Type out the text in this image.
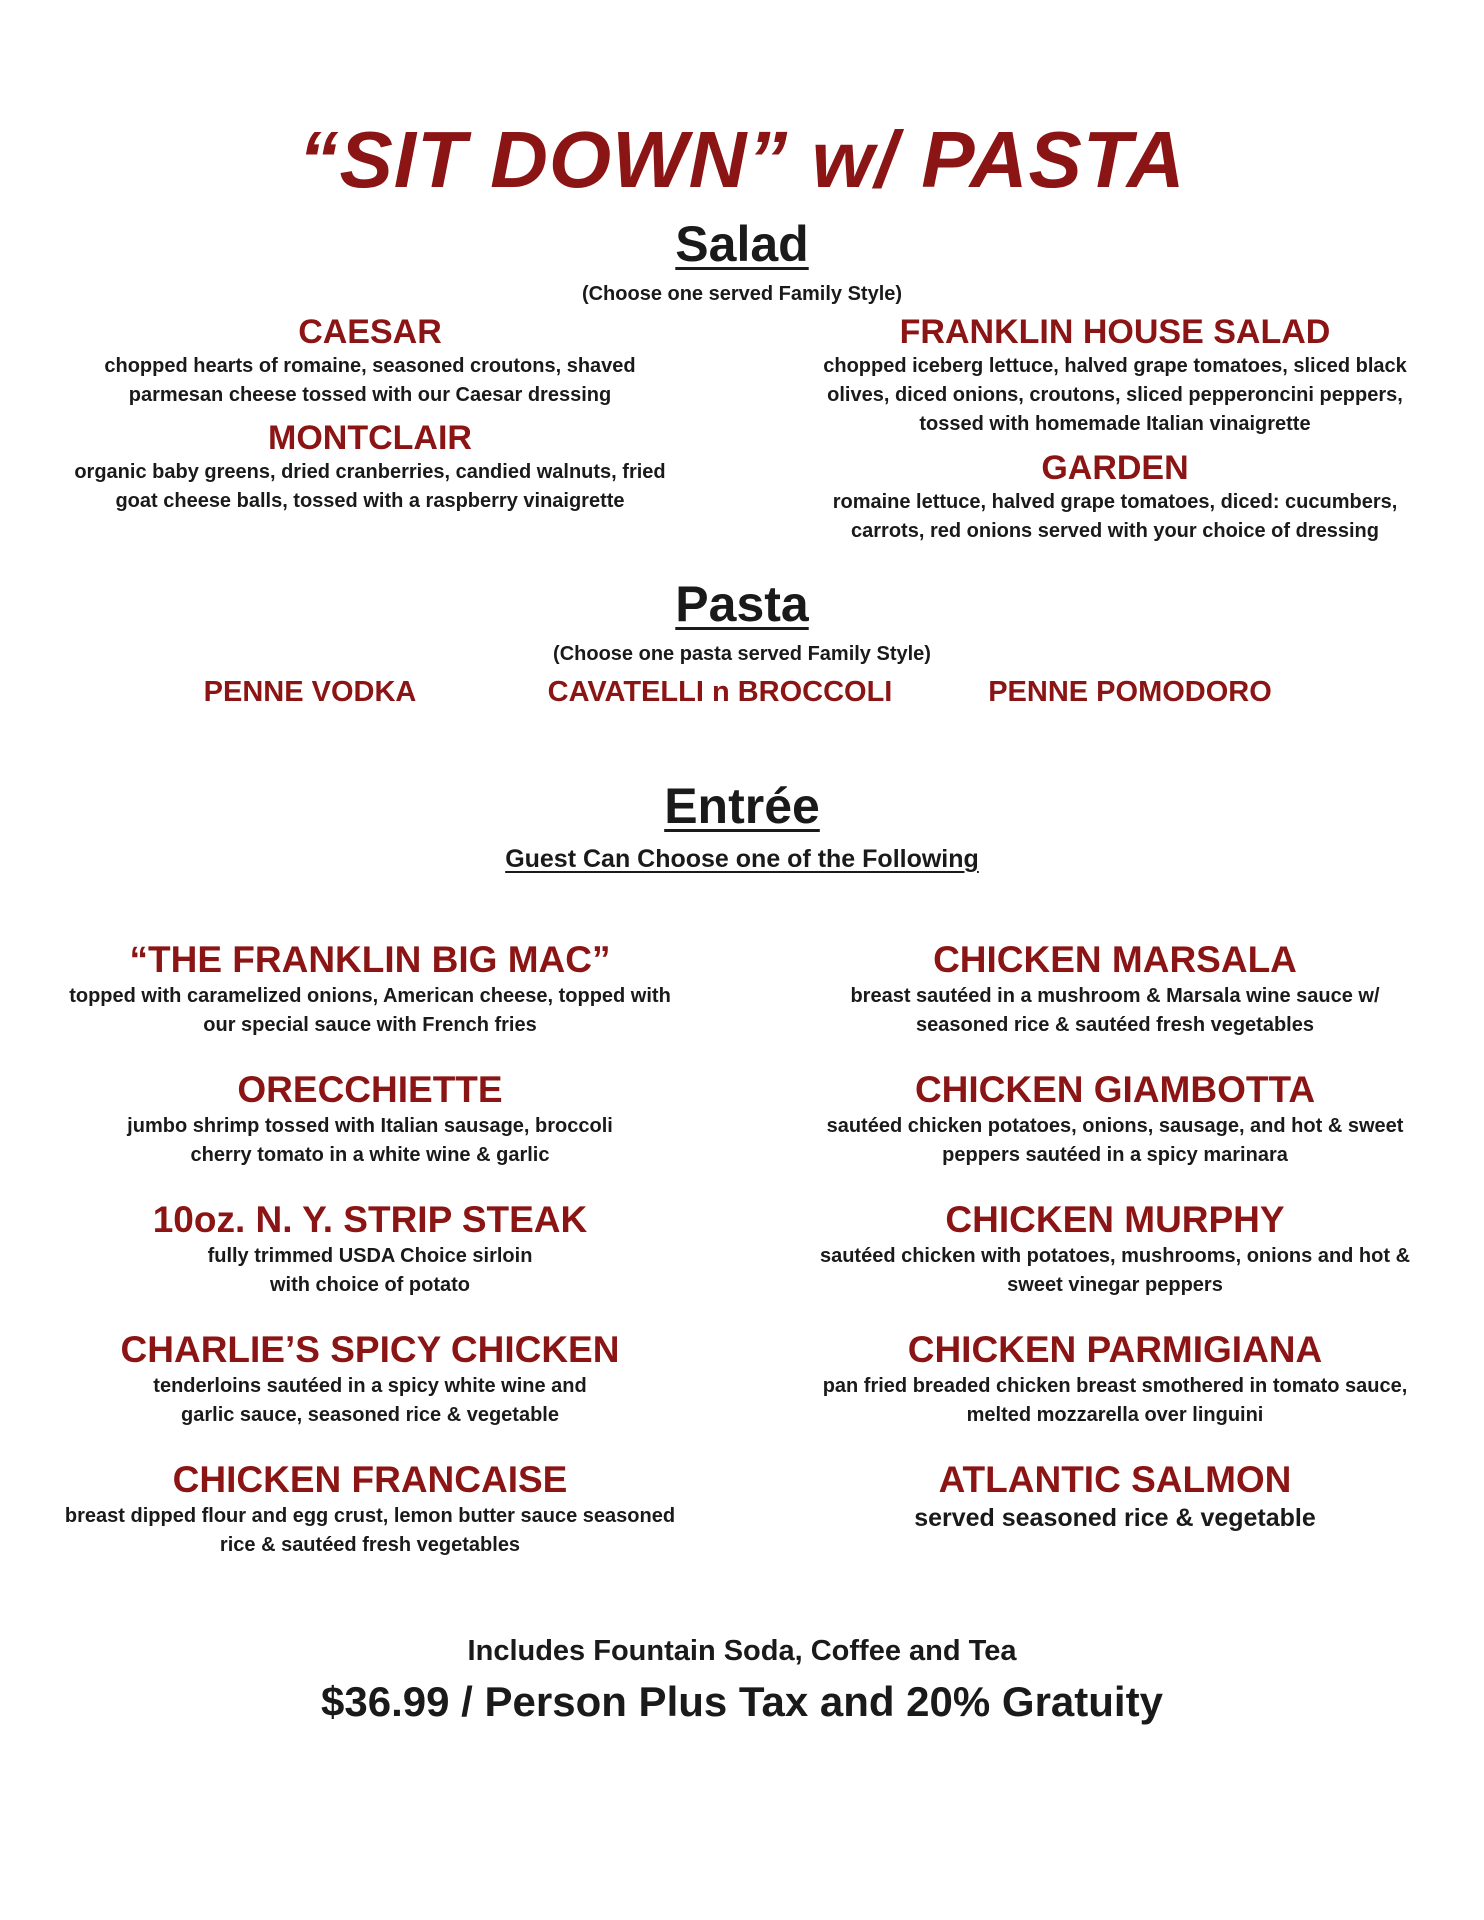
“SIT DOWN” w/ PASTA
Salad
(Choose one served Family Style)
CAESAR
chopped hearts of romaine, seasoned croutons, shaved
parmesan cheese tossed with our Caesar dressing
MONTCLAIR
organic baby greens, dried cranberries, candied walnuts, fried
goat cheese balls, tossed with a raspberry vinaigrette
FRANKLIN HOUSE SALAD
chopped iceberg lettuce, halved grape tomatoes, sliced black
olives, diced onions, croutons, sliced pepperoncini peppers,
tossed with homemade Italian vinaigrette
GARDEN
romaine lettuce, halved grape tomatoes, diced: cucumbers,
carrots, red onions served with your choice of dressing
Pasta
(Choose one pasta served Family Style)
PENNE VODKA	CAVATELLI n BROCCOLI	PENNE POMODORO
Entrée
Guest Can Choose one of the Following
“THE FRANKLIN BIG MAC”
topped with caramelized onions, American cheese, topped with
our special sauce with French fries
ORECCHIETTE
jumbo shrimp tossed with Italian sausage, broccoli
cherry tomato in a white wine & garlic
10oz. N. Y. STRIP STEAK
fully trimmed USDA Choice sirloin
with choice of potato
CHARLIE’S SPICY CHICKEN
tenderloins sautéed in a spicy white wine and
garlic sauce, seasoned rice & vegetable
CHICKEN FRANCAISE
breast dipped flour and egg crust, lemon butter sauce seasoned
rice & sautéed fresh vegetables
CHICKEN MARSALA
breast sautéed in a mushroom & Marsala wine sauce w/
seasoned rice & sautéed fresh vegetables
CHICKEN GIAMBOTTA
sautéed chicken potatoes, onions, sausage, and hot & sweet
peppers sautéed in a spicy marinara
CHICKEN MURPHY
sautéed chicken with potatoes, mushrooms, onions and hot &
sweet vinegar peppers
CHICKEN PARMIGIANA
pan fried breaded chicken breast smothered in tomato sauce,
melted mozzarella over linguini
ATLANTIC SALMON
served seasoned rice & vegetable
Includes Fountain Soda, Coffee and Tea
$36.99 / Person Plus Tax and 20% Gratuity
